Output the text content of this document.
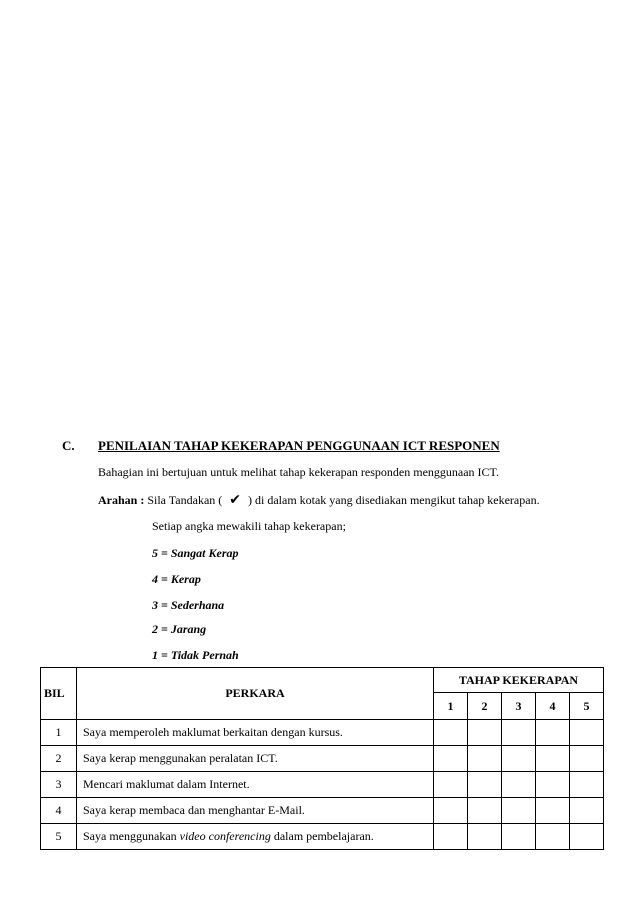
C. PENILAIAN TAHAP KEKERAPAN PENGGUNAAN ICT RESPONEN
Bahagian ini bertujuan untuk melihat tahap kekerapan responden menggunaan ICT.
Arahan : Sila Tandakan ( ✔ ) di dalam kotak yang disediakan mengikut tahap kekerapan.
Setiap angka mewakili tahap kekerapan;
5 = Sangat Kerap
4 = Kerap
3 = Sederhana
2 = Jarang
1 = Tidak Pernah
BIL	PERKARA	TAHAP KEKERAPAN				
		1	2	3	4	5
1	Saya memperoleh maklumat berkaitan dengan kursus.					
2	Saya kerap menggunakan peralatan ICT.					
3	Mencari maklumat dalam Internet.					
4	Saya kerap membaca dan menghantar E-Mail.					
5	Saya menggunakan video conferencing dalam pembelajaran.					
